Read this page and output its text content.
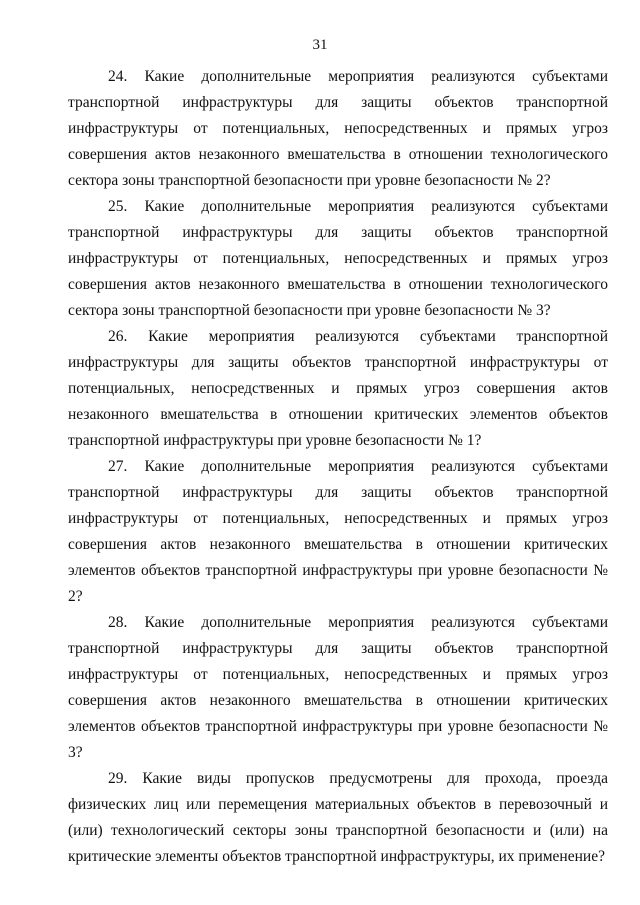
31

24. Какие дополнительные мероприятия реализуются субъектами транспортной инфраструктуры для защиты объектов транспортной инфраструктуры от потенциальных, непосредственных и прямых угроз совершения актов незаконного вмешательства в отношении технологического сектора зоны транспортной безопасности при уровне безопасности № 2?

25. Какие дополнительные мероприятия реализуются субъектами транспортной инфраструктуры для защиты объектов транспортной инфраструктуры от потенциальных, непосредственных и прямых угроз совершения актов незаконного вмешательства в отношении технологического сектора зоны транспортной безопасности при уровне безопасности № 3?

26. Какие мероприятия реализуются субъектами транспортной инфраструктуры для защиты объектов транспортной инфраструктуры от потенциальных, непосредственных и прямых угроз совершения актов незаконного вмешательства в отношении критических элементов объектов транспортной инфраструктуры при уровне безопасности № 1?

27. Какие дополнительные мероприятия реализуются субъектами транспортной инфраструктуры для защиты объектов транспортной инфраструктуры от потенциальных, непосредственных и прямых угроз совершения актов незаконного вмешательства в отношении критических элементов объектов транспортной инфраструктуры при уровне безопасности № 2?

28. Какие дополнительные мероприятия реализуются субъектами транспортной инфраструктуры для защиты объектов транспортной инфраструктуры от потенциальных, непосредственных и прямых угроз совершения актов незаконного вмешательства в отношении критических элементов объектов транспортной инфраструктуры при уровне безопасности № 3?

29. Какие виды пропусков предусмотрены для прохода, проезда физических лиц или перемещения материальных объектов в перевозочный и (или) технологический секторы зоны транспортной безопасности и (или) на критические элементы объектов транспортной инфраструктуры, их применение?
